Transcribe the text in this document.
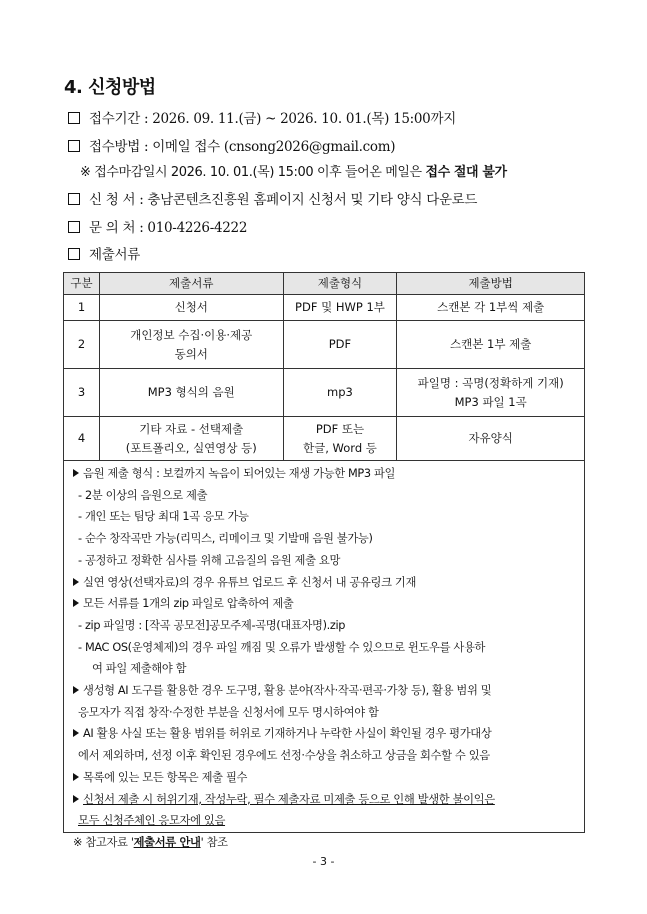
4. 신청방법
접수기간 : 2026. 09. 11.(금) ~ 2026. 10. 01.(목) 15:00까지
접수방법 : 이메일 접수 (cnsong2026@gmail.com)
※ 접수마감일시 2026. 10. 01.(목) 15:00 이후 들어온 메일은 접수 절대 불가
신 청 서 : 충남콘텐츠진흥원 홈페이지 신청서 및 기타 양식 다운로드
문 의 처 : 010-4226-4222
제출서류
구분	제출서류	제출형식	제출방법
1	신청서	PDF 및 HWP 1부	스캔본 각 1부씩 제출
2	개인정보 수집·이용·제공
동의서	PDF	스캔본 1부 제출
3	MP3 형식의 음원	mp3	파일명 : 곡명(정확하게 기재)
MP3 파일 1곡
4	기타 자료 - 선택제출
(포트폴리오, 실연영상 등)	PDF 또는
한글, Word 등	자유양식
음원 제출 형식 : 보컬까지 녹음이 되어있는 재생 가능한 MP3 파일
- 2분 이상의 음원으로 제출
- 개인 또는 팀당 최대 1곡 응모 가능
- 순수 창작곡만 가능(리믹스, 리메이크 및 기발매 음원 불가능)
- 공정하고 정확한 심사를 위해 고음질의 음원 제출 요망
실연 영상(선택자료)의 경우 유튜브 업로드 후 신청서 내 공유링크 기재
모든 서류를 1개의 zip 파일로 압축하여 제출
- zip 파일명 : [작곡 공모전]공모주제-곡명(대표자명).zip
- MAC OS(운영체제)의 경우 파일 깨짐 및 오류가 발생할 수 있으므로 윈도우를 사용하
여 파일 제출해야 함
생성형 AI 도구를 활용한 경우 도구명, 활용 분야(작사·작곡·편곡·가창 등), 활용 범위 및
응모자가 직접 창작·수정한 부분을 신청서에 모두 명시하여야 함
AI 활용 사실 또는 활용 범위를 허위로 기재하거나 누락한 사실이 확인될 경우 평가대상
에서 제외하며, 선정 이후 확인된 경우에도 선정·수상을 취소하고 상금을 회수할 수 있음
목록에 있는 모든 항목은 제출 필수
신청서 제출 시 허위기재, 작성누락, 필수 제출자료 미제출 등으로 인해 발생한 불이익은
모두 신청주체인 응모자에 있음
※ 참고자료 '제출서류 안내' 참조
- 3 -
